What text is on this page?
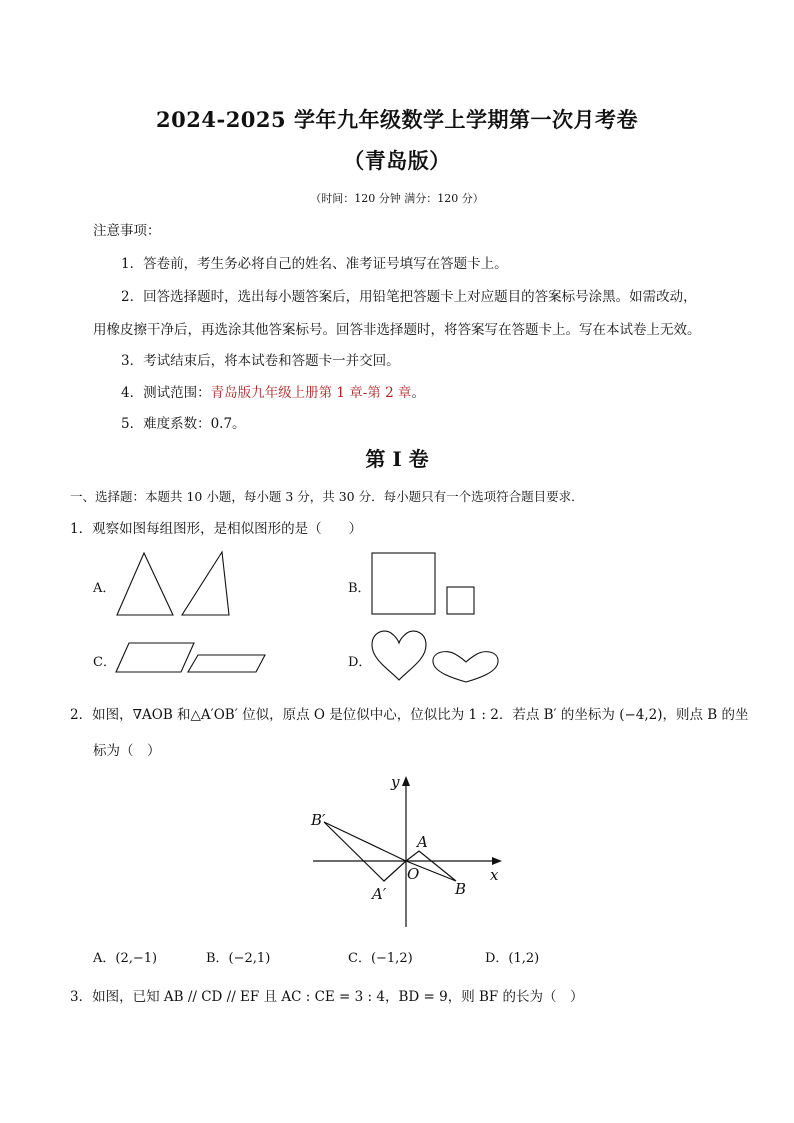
2024-2025 学年九年级数学上学期第一次月考卷
（青岛版）
（时间：120 分钟 满分：120 分）
注意事项：
1．答卷前，考生务必将自己的姓名、准考证号填写在答题卡上。
2．回答选择题时，选出每小题答案后，用铅笔把答题卡上对应题目的答案标号涂黑。如需改动，
用橡皮擦干净后，再选涂其他答案标号。回答非选择题时，将答案写在答题卡上。写在本试卷上无效。
3．考试结束后，将本试卷和答题卡一并交回。
4．测试范围：青岛版九年级上册第 1 章-第 2 章。
5．难度系数：0.7。
第 I 卷
一、选择题：本题共 10 小题，每小题 3 分，共 30 分．每小题只有一个选项符合题目要求．
1．观察如图每组图形，是相似图形的是（　　）
A．	B．
C．	D．
2．如图，∇AOB 和△A′OB′ 位似，原点 O 是位似中心，位似比为 1 : 2．若点 B′ 的坐标为 (−4,2)，则点 B 的坐
标为（　）
y
x
O
A
B
A′
B′
A．(2,−1)	B．(−2,1)	C．(−1,2)	D．(1,2)
3．如图，已知 AB // CD // EF 且 AC : CE = 3 : 4，BD = 9，则 BF 的长为（　）
